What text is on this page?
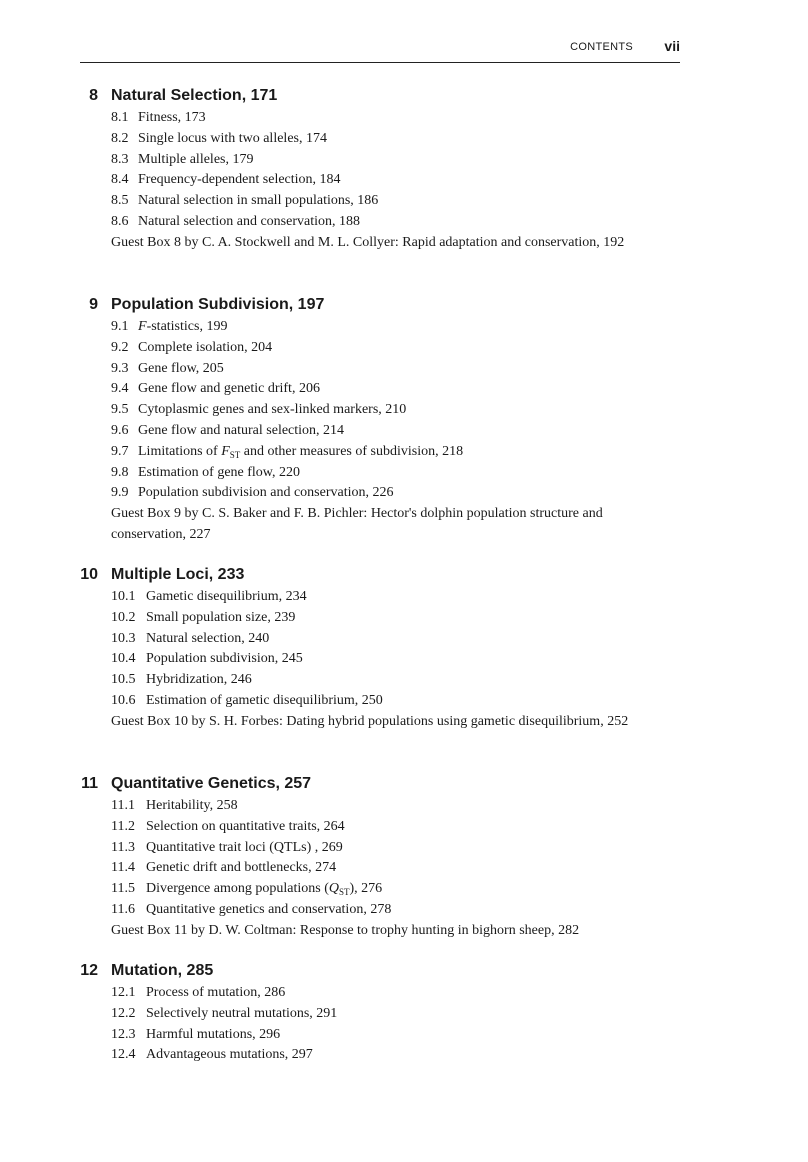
CONTENTS vii
8 Natural Selection, 171
8.1 Fitness, 173
8.2 Single locus with two alleles, 174
8.3 Multiple alleles, 179
8.4 Frequency-dependent selection, 184
8.5 Natural selection in small populations, 186
8.6 Natural selection and conservation, 188
Guest Box 8 by C. A. Stockwell and M. L. Collyer: Rapid adaptation and conservation, 192
9 Population Subdivision, 197
9.1 F-statistics, 199
9.2 Complete isolation, 204
9.3 Gene flow, 205
9.4 Gene flow and genetic drift, 206
9.5 Cytoplasmic genes and sex-linked markers, 210
9.6 Gene flow and natural selection, 214
9.7 Limitations of $F_{ST}$ and other measures of subdivision, 218
9.8 Estimation of gene flow, 220
9.9 Population subdivision and conservation, 226
Guest Box 9 by C. S. Baker and F. B. Pichler: Hector's dolphin population structure and conservation, 227
10 Multiple Loci, 233
10.1 Gametic disequilibrium, 234
10.2 Small population size, 239
10.3 Natural selection, 240
10.4 Population subdivision, 245
10.5 Hybridization, 246
10.6 Estimation of gametic disequilibrium, 250
Guest Box 10 by S. H. Forbes: Dating hybrid populations using gametic disequilibrium, 252
11 Quantitative Genetics, 257
11.1 Heritability, 258
11.2 Selection on quantitative traits, 264
11.3 Quantitative trait loci (QTLs) , 269
11.4 Genetic drift and bottlenecks, 274
11.5 Divergence among populations $(Q_{ST})$, 276
11.6 Quantitative genetics and conservation, 278
Guest Box 11 by D. W. Coltman: Response to trophy hunting in bighorn sheep, 282
12 Mutation, 285
12.1 Process of mutation, 286
12.2 Selectively neutral mutations, 291
12.3 Harmful mutations, 296
12.4 Advantageous mutations, 297
